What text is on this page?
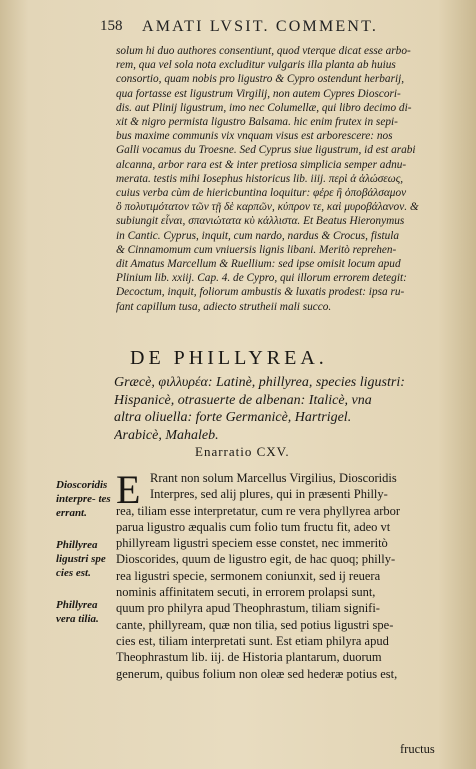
158 AMATI LVSIT. COMMENT.
solum hi duo authores consentiunt, quod vterque dicat esse arbo-
rem, qua vel sola nota excluditur vulgaris illa planta ab huius
consortio, quam nobis pro ligustro & Cypro ostendunt herbarij,
qua fortasse est ligustrum Virgilij, non autem Cypres Dioscori-
dis. aut Plinij ligustrum, imo nec Columellæ, qui libro decimo di-
xit & nigro permista ligustro Balsama. hic enim frutex in sepi-
bus maxime communis vix vnquam visus est arborescere: nos
Galli vocamus du Troesne. Sed Cyprus siue ligustrum, id est arabi
alcanna, arbor rara est & inter pretiosa simplicia semper adnu-
merata. testis mihi Iosephus historicus lib. iiij. περὶ ἁ ἁλώσεως,
cuius verba cùm de hiericbuntina loquitur: φέρε ἢ ὀποβάλσαμον
ὃ πολυτιμότατον τῶν τῇ δὲ καρπῶν, κύπρον τε, καὶ μυροβάλανον. &
subiungit εἶναι, σπανιώτατα κὺ κάλλιστα. Et Beatus Hieronymus
in Cantic. Cyprus, inquit, cum nardo, nardus & Crocus, fistula
& Cinnamomum cum vniuersis lignis libani. Meritò reprehen-
dit Amatus Marcellum & Ruellium: sed ipse omisit locum apud
Plinium lib. xxiij. Cap. 4. de Cypro, qui illorum errorem detegit:
Decoctum, inquit, foliorum ambustis & luxatis prodest: ipsa ru-
fant capillum tusa, adiecto strutheii mali succo.
DE PHILLYREA.
Græcè, φιλλυρέα: Latinè, phillyrea, species ligustri:
Hispanicè, otrasuerte de albenan: Italicè, vna
altra oliuella: forte Germanicè, Hartrigel.
Arabicè, Mahaleb.
Enarratio CXV.
Dioscoridis interpre- tes errant.
Phillyrea ligustri spe cies est.
Phillyrea vera tilia.
E Rrant non solum Marcellus Virgilius, Dioscoridis
Interpres, sed alij plures, qui in præsenti Philly-
rea, tiliam esse interpretatur, cum re vera phyllyrea arbor
parua ligustro æqualis cum folio tum fructu fit, adeo vt
phillyream ligustri speciem esse constet, nec immeritò
Dioscorides, quum de ligustro egit, de hac quoq; philly-
rea ligustri specie, sermonem coniunxit, sed ij reuera
nominis affinitatem secuti, in errorem prolapsi sunt,
quum pro philyra apud Theophrastum, tiliam signifi-
cante, phillyream, quæ non tilia, sed potius ligustri spe-
cies est, tiliam interpretati sunt. Est etiam philyra apud
Theophrastum lib. iij. de Historia plantarum, duorum
generum, quibus folium non oleæ sed hederæ potius est,
fructus
